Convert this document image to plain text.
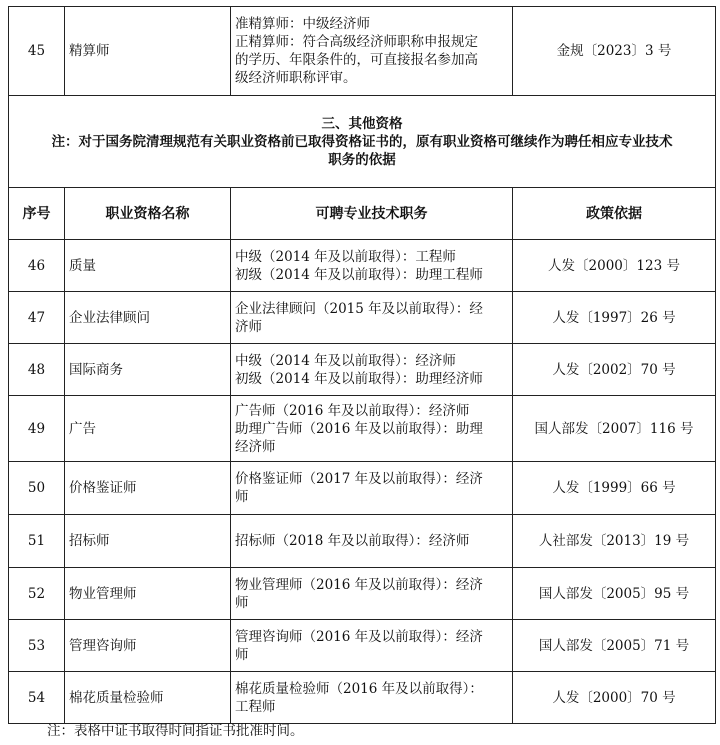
45	精算师	准精算师：中级经济师
正精算师：符合高级经济师职称申报规定
的学历、年限条件的，可直接报名参加高
级经济师职称评审。	金规〔2023〕3 号

三、其他资格
注：对于国务院清理规范有关职业资格前已取得资格证书的，原有职业资格可继续作为聘任相应专业技术
职务的依据			

序号	职业资格名称	可聘专业技术职务	政策依据
46	质量	中级（2014 年及以前取得）：工程师
初级（2014 年及以前取得）：助理工程师	人发〔2000〕123 号
47	企业法律顾问	企业法律顾问（2015 年及以前取得）：经
济师	人发〔1997〕26 号
48	国际商务	中级（2014 年及以前取得）：经济师
初级（2014 年及以前取得）：助理经济师	人发〔2002〕70 号
49	广告	广告师（2016 年及以前取得）：经济师
助理广告师（2016 年及以前取得）：助理
经济师	国人部发〔2007〕116 号
50	价格鉴证师	价格鉴证师（2017 年及以前取得）：经济
师	人发〔1999〕66 号
51	招标师	招标师（2018 年及以前取得）：经济师	人社部发〔2013〕19 号
52	物业管理师	物业管理师（2016 年及以前取得）：经济
师	国人部发〔2005〕95 号
53	管理咨询师	管理咨询师（2016 年及以前取得）：经济
师	国人部发〔2005〕71 号
54	棉花质量检验师	棉花质量检验师（2016 年及以前取得）：
工程师	人发〔2000〕70 号
注：表格中证书取得时间指证书批准时间。
